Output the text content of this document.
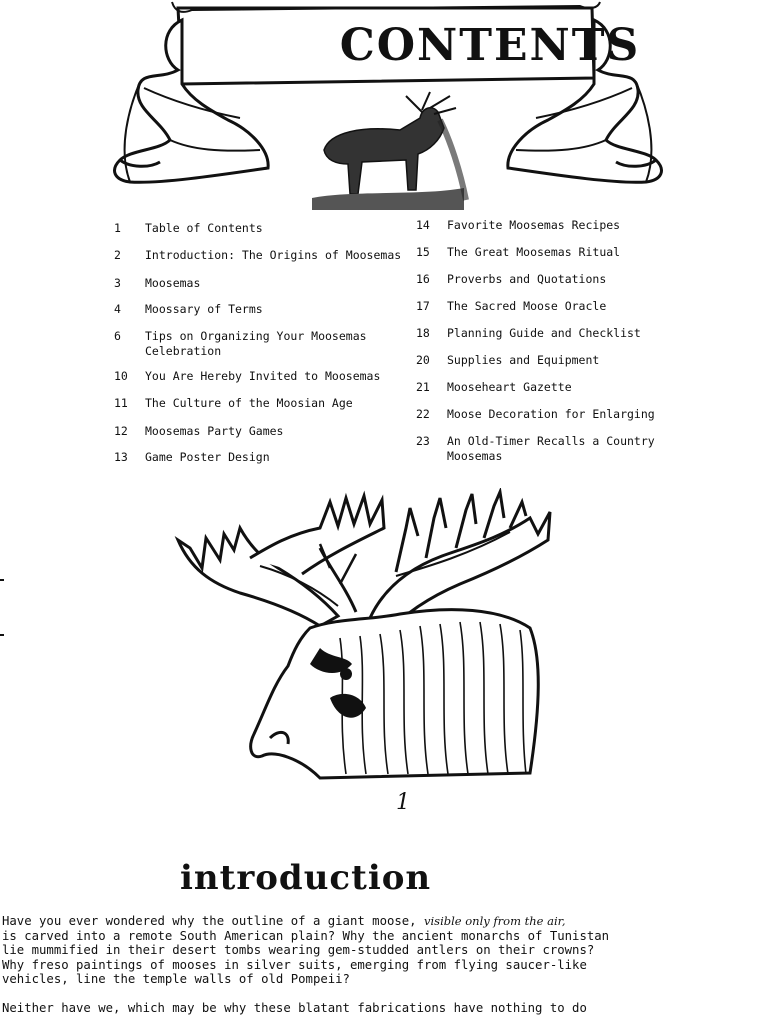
CONTENTS
1	Table of Contents
2	Introduction: The Origins of Moosemas
3	Moosemas
4	Moossary of Terms
6	Tips on Organizing Your Moosemas
Celebration
10	You Are Hereby Invited to Moosemas
11	The Culture of the Moosian Age
12	Moosemas Party Games
13	Game Poster Design
14	Favorite Moosemas Recipes
15	The Great Moosemas Ritual
16	Proverbs and Quotations
17	The Sacred Moose Oracle
18	Planning Guide and Checklist
20	Supplies and Equipment
21	Mooseheart Gazette
22	Moose Decoration for Enlarging
23	An Old-Timer Recalls a Country
Moosemas
1
introduction

Have you ever wondered why the outline of a giant moose, visible only from the air,
is carved into a remote South American plain? Why the ancient monarchs of Tunistan
lie mummified in their desert tombs wearing gem-studded antlers on their crowns?
Why freso paintings of mooses in silver suits, emerging from flying saucer-like
vehicles, line the temple walls of old Pompeii?

Neither have we, which may be why these blatant fabrications have nothing to do
